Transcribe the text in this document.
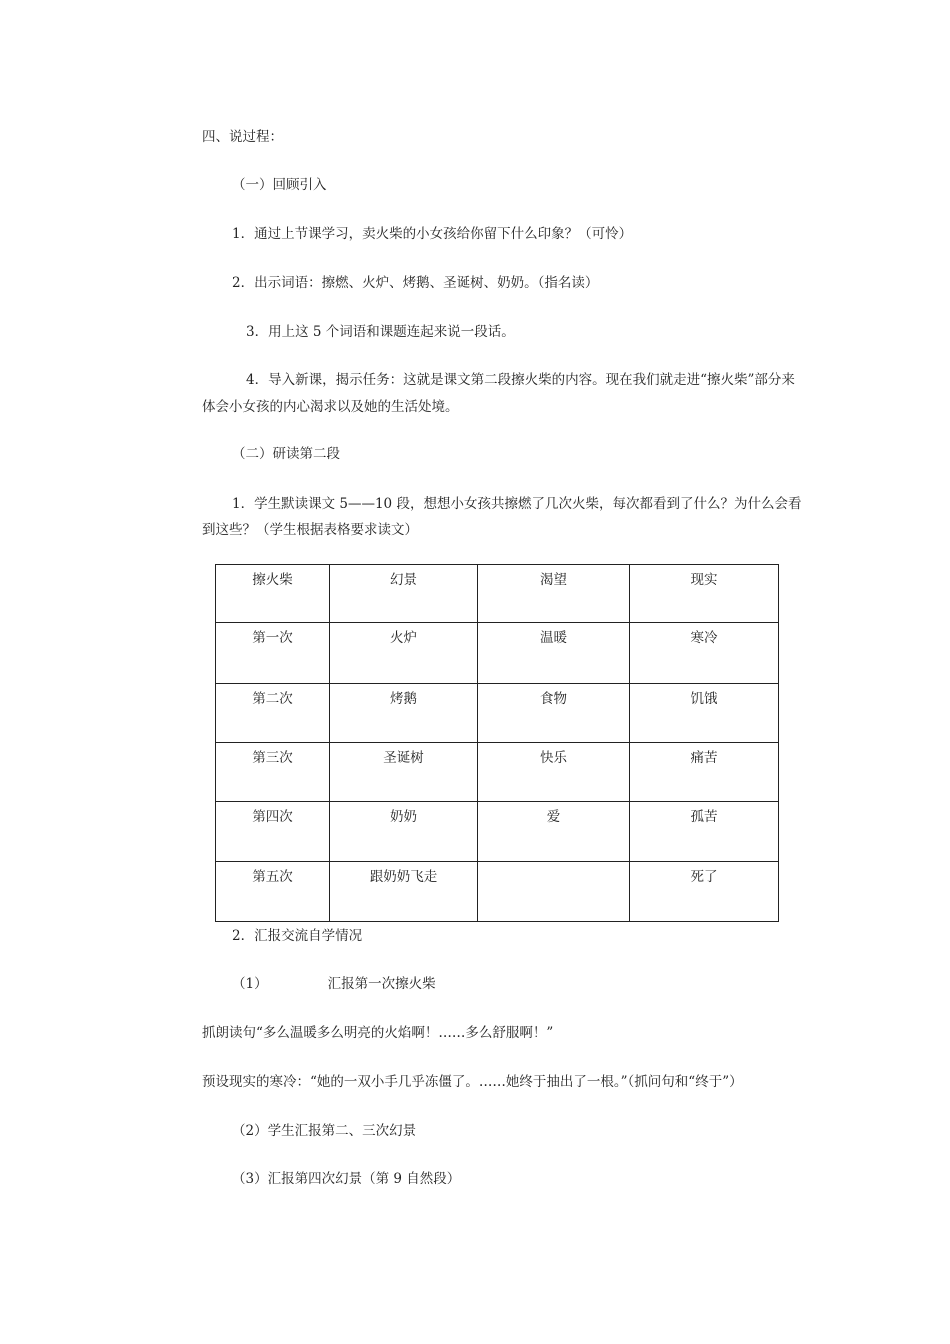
四、说过程：
（一）回顾引入
1．通过上节课学习，卖火柴的小女孩给你留下什么印象？（可怜）
2．出示词语：擦燃、火炉、烤鹅、圣诞树、奶奶。（指名读）
3．用上这 5 个词语和课题连起来说一段话。
4．导入新课，揭示任务：这就是课文第二段擦火柴的内容。现在我们就走进“擦火柴”部分来体会小女孩的内心渴求以及她的生活处境。
（二）研读第二段
1．学生默读课文 5——10 段，想想小女孩共擦燃了几次火柴，每次都看到了什么？为什么会看到这些？（学生根据表格要求读文）
擦火柴	幻景	渴望	现实
第一次	火炉	温暖	寒冷
第二次	烤鹅	食物	饥饿
第三次	圣诞树	快乐	痛苦
第四次	奶奶	爱	孤苦
第五次	跟奶奶飞走		死了
2．汇报交流自学情况
（1）	汇报第一次擦火柴
抓朗读句“多么温暖多么明亮的火焰啊！……多么舒服啊！”
预设现实的寒冷：“她的一双小手几乎冻僵了。……她终于抽出了一根。”（抓问句和“终于”）
（2）学生汇报第二、三次幻景
（3）汇报第四次幻景（第 9 自然段）
